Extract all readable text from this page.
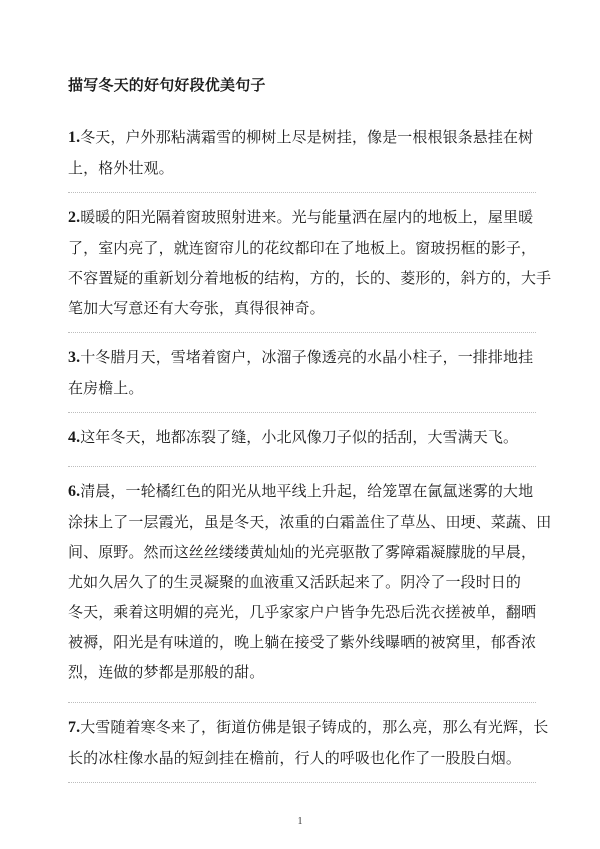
描写冬天的好句好段优美句子
1.冬天，户外那粘满霜雪的柳树上尽是树挂，像是一根根银条悬挂在树
上，格外壮观。
2.暖暖的阳光隔着窗玻照射进来。光与能量洒在屋内的地板上，屋里暖
了，室内亮了，就连窗帘儿的花纹都印在了地板上。窗玻拐框的影子，
不容置疑的重新划分着地板的结构，方的，长的、菱形的，斜方的，大手
笔加大写意还有大夸张，真得很神奇。
3.十冬腊月天，雪堵着窗户，冰溜子像透亮的水晶小柱子，一排排地挂
在房檐上。
4.这年冬天，地都冻裂了缝，小北风像刀子似的括刮，大雪满天飞。
6.清晨，一轮橘红色的阳光从地平线上升起，给笼罩在氤氲迷雾的大地
涂抹上了一层霞光，虽是冬天，浓重的白霜盖住了草丛、田埂、菜蔬、田
间、原野。然而这丝丝缕缕黄灿灿的光亮驱散了雾障霜凝朦胧的早晨，
尤如久居久了的生灵凝聚的血液重又活跃起来了。阴冷了一段时日的
冬天，乘着这明媚的亮光，几乎家家户户皆争先恐后洗衣搓被单，翻晒
被褥，阳光是有味道的，晚上躺在接受了紫外线曝晒的被窝里，郁香浓
烈，连做的梦都是那般的甜。
7.大雪随着寒冬来了，街道仿佛是银子铸成的，那么亮，那么有光辉，长
长的冰柱像水晶的短剑挂在檐前，行人的呼吸也化作了一股股白烟。
1
